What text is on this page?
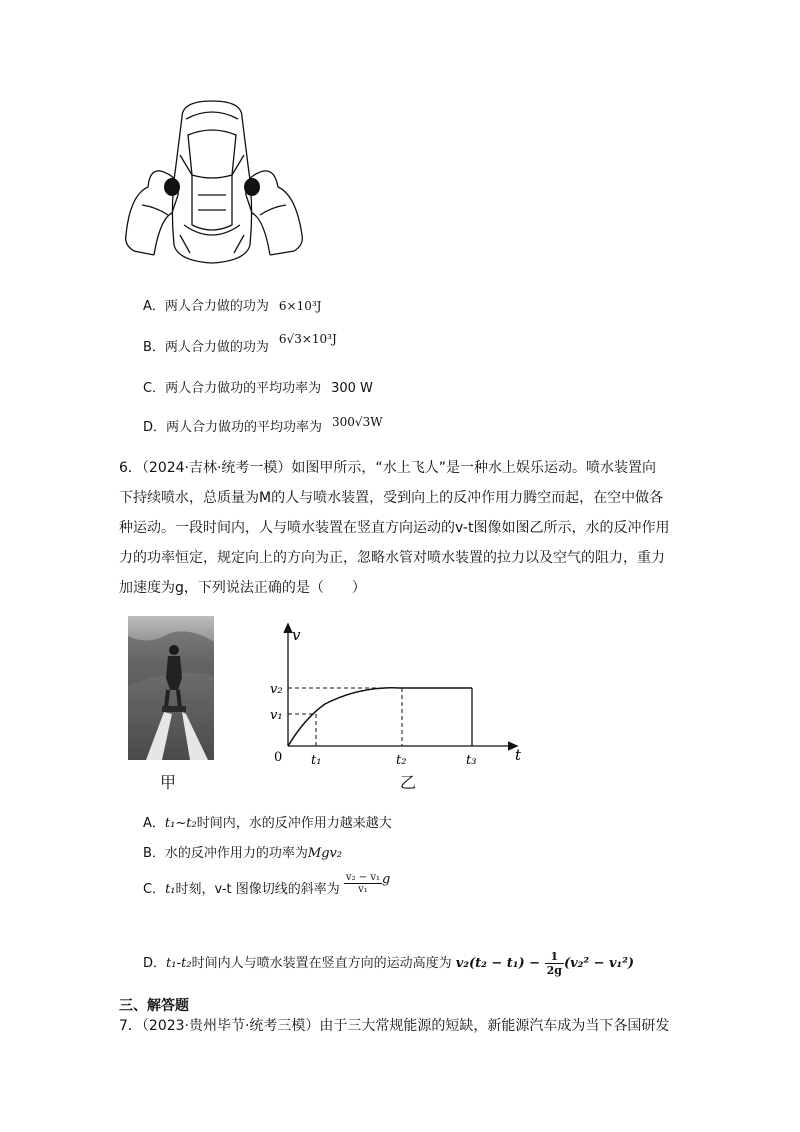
A．两人合力做的功为 6×10³J
B．两人合力做的功为6√3×10³J
C．两人合力做功的平均功率为 300 W
D．两人合力做功的平均功率为 300√3W
6．（2024·吉林·统考一模）如图甲所示，“水上飞人”是一种水上娱乐运动。喷水装置向
下持续喷水，总质量为M的人与喷水装置，受到向上的反冲作用力腾空而起，在空中做各
种运动。一段时间内，人与喷水装置在竖直方向运动的v-t图像如图乙所示，水的反冲作用
力的功率恒定，规定向上的方向为正，忽略水管对喷水装置的拉力以及空气的阻力，重力
加速度为g，下列说法正确的是（　　）
甲
v
t
0
v₂
v₁
t₁	t₂	t₃
乙
A．t₁~t₂时间内，水的反冲作用力越来越大
B．水的反冲作用力的功率为Mgv₂
C．t₁时刻，v-t 图像切线的斜率为 $\frac{\text{v₂ − v₁}}{\text{v₁}}$ g
D．t₁-t₂时间内人与喷水装置在竖直方向的运动高度为 $v_2(t_2 - t_1) - \frac{1}{2g} (v_2^2 - v_1^2)$
三、解答题
7．（2023·贵州毕节·统考三模）由于三大常规能源的短缺，新能源汽车成为当下各国研发
